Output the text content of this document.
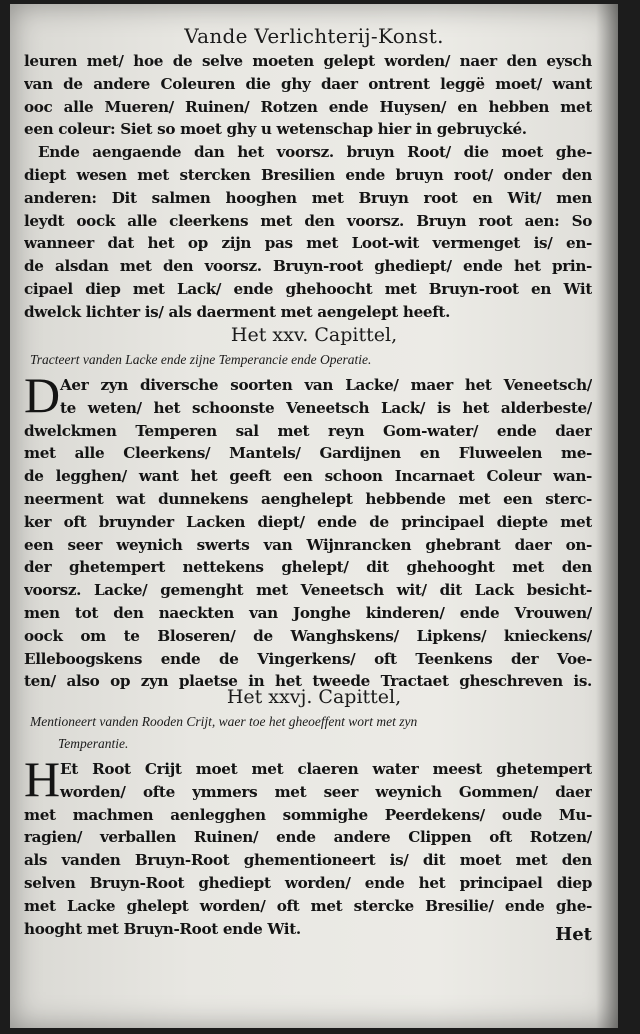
Vande Verlichterij-Konst.
leuren met/ hoe de selve moeten gelept worden/ naer den eysch
van de andere Coleuren die ghy daer ontrent leggë moet/ want
ooc alle Mueren/ Ruinen/ Rotzen ende Huysen/ en hebben met
een coleur: Siet so moet ghy u wetenschap hier in gebruycké.
Ende aengaende dan het voorsz. bruyn Root/ die moet ghe-
diept wesen met stercken Bresilien ende bruyn root/ onder den
anderen: Dit salmen hooghen met Bruyn root en Wit/ men
leydt oock alle cleerkens met den voorsz. Bruyn root aen: So
wanneer dat het op zijn pas met Loot-wit vermenget is/ en-
de alsdan met den voorsz. Bruyn-root ghediept/ ende het prin-
cipael diep met Lack/ ende ghehoocht met Bruyn-root en Wit
dwelck lichter is/ als daerment met aengelept heeft.
Het xxv. Capittel,
Tracteert vanden Lacke ende zijne Temperancie ende Operatie.
D Aer zyn diversche soorten van Lacke/ maer het Veneetsch/
te weten/ het schoonste Veneetsch Lack/ is het alderbeste/
dwelckmen Temperen sal met reyn Gom-water/ ende daer
met alle Cleerkens/ Mantels/ Gardijnen en Fluweelen me-
de legghen/ want het geeft een schoon Incarnaet Coleur wan-
neerment wat dunnekens aenghelept hebbende met een sterc-
ker oft bruynder Lacken diept/ ende de principael diepte met
een seer weynich swerts van Wijnrancken ghebrant daer on-
der ghetempert nettekens ghelept/ dit ghehooght met den
voorsz. Lacke/ gemenght met Veneetsch wit/ dit Lack besicht-
men tot den naeckten van Jonghe kinderen/ ende Vrouwen/
oock om te Bloseren/ de Wanghskens/ Lipkens/ knieckens/
Elleboogskens ende de Vingerkens/ oft Teenkens der Voe-
ten/ also op zyn plaetse in het tweede Tractaet gheschreven is.
Het xxvj. Capittel,
Mentioneert vanden Rooden Crijt, waer toe het gheoeffent wort met zyn
Temperantie.
H Et Root Crijt moet met claeren water meest ghetempert
worden/ ofte ymmers met seer weynich Gommen/ daer
met machmen aenlegghen sommighe Peerdekens/ oude Mu-
ragien/ verballen Ruinen/ ende andere Clippen oft Rotzen/
als vanden Bruyn-Root ghementioneert is/ dit moet met den
selven Bruyn-Root ghediept worden/ ende het principael diep
met Lacke ghelept worden/ oft met stercke Bresilie/ ende ghe-
hooght met Bruyn-Root ende Wit.	Het
